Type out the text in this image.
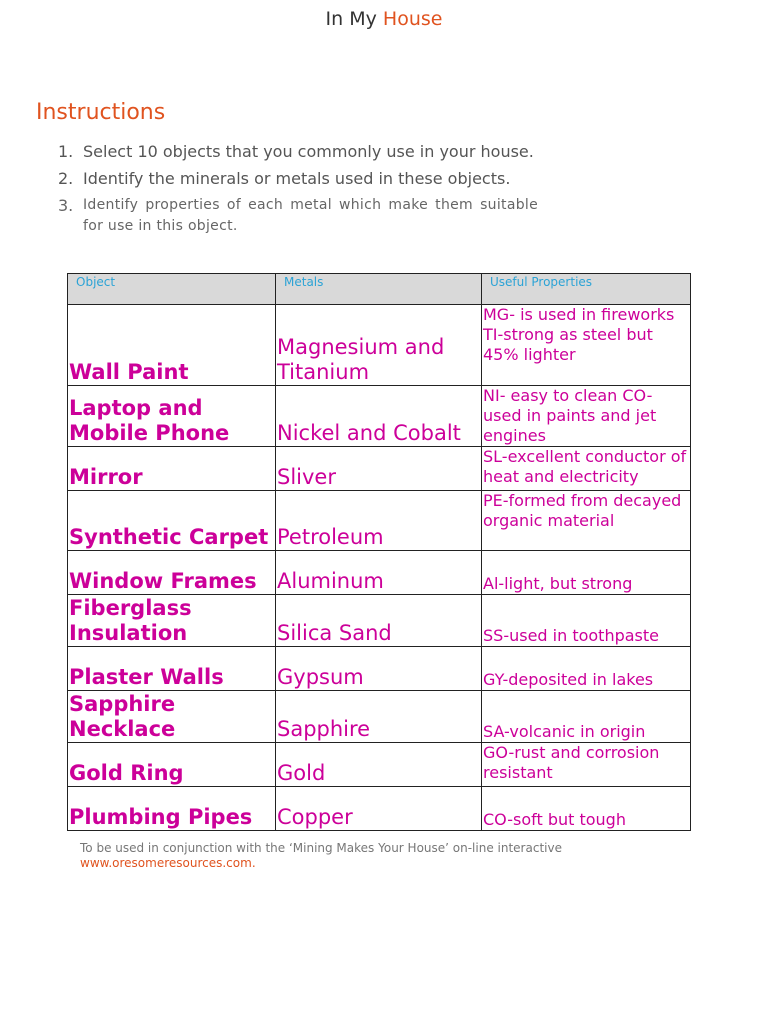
In My House
Instructions
1. Select 10 objects that you commonly use in your house.
2. Identify the minerals or metals used in these objects.
3. Identify properties of each metal which make them suitable for use in this object.
Object	Metals	Useful Properties
Wall Paint	Magnesium and Titanium	MG- is used in fireworks TI-strong as steel but 45% lighter
Laptop and Mobile Phone	Nickel and Cobalt	NI- easy to clean CO-used in paints and jet engines
Mirror	Sliver	SL-excellent conductor of heat and electricity
Synthetic Carpet	Petroleum	PE-formed from decayed organic material
Window Frames	Aluminum	Al-light, but strong
Fiberglass Insulation	Silica Sand	SS-used in toothpaste
Plaster Walls	Gypsum	GY-deposited in lakes
Sapphire Necklace	Sapphire	SA-volcanic in origin
Gold Ring	Gold	GO-rust and corrosion resistant
Plumbing Pipes	Copper	CO-soft but tough
To be used in conjunction with the ‘Mining Makes Your House’ on-line interactive
www.oresomeresources.com.
